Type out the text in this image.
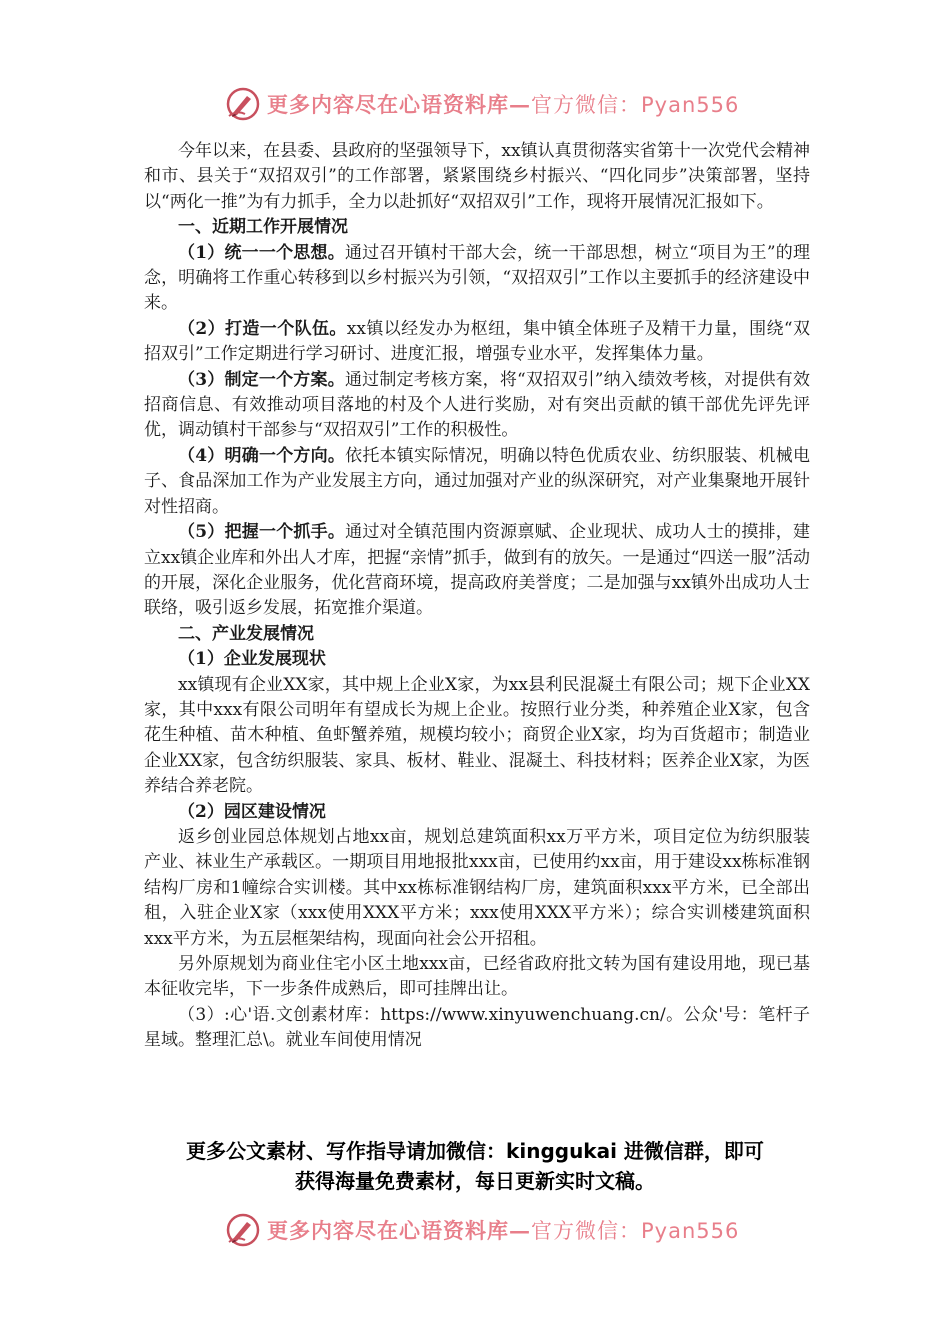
更多内容尽在心语资料库—官方微信：Pyan556

今年以来，在县委、县政府的坚强领导下，xx镇认真贯彻落实省第十一次党代会精神和市、县关于“双招双引”的工作部署，紧紧围绕乡村振兴、“四化同步”决策部署，坚持以“两化一推”为有力抓手，全力以赴抓好“双招双引”工作，现将开展情况汇报如下。

一、近期工作开展情况

（1）统一一个思想。通过召开镇村干部大会，统一干部思想，树立“项目为王”的理念，明确将工作重心转移到以乡村振兴为引领，“双招双引”工作以主要抓手的经济建设中来。

（2）打造一个队伍。xx镇以经发办为枢纽，集中镇全体班子及精干力量，围绕“双招双引”工作定期进行学习研讨、进度汇报，增强专业水平，发挥集体力量。

（3）制定一个方案。通过制定考核方案，将“双招双引”纳入绩效考核，对提供有效招商信息、有效推动项目落地的村及个人进行奖励，对有突出贡献的镇干部优先评先评优，调动镇村干部参与“双招双引”工作的积极性。

（4）明确一个方向。依托本镇实际情况，明确以特色优质农业、纺织服装、机械电子、食品深加工作为产业发展主方向，通过加强对产业的纵深研究，对产业集聚地开展针对性招商。

（5）把握一个抓手。通过对全镇范围内资源禀赋、企业现状、成功人士的摸排，建立xx镇企业库和外出人才库，把握“亲情”抓手，做到有的放矢。一是通过“四送一服”活动的开展，深化企业服务，优化营商环境，提高政府美誉度；二是加强与xx镇外出成功人士联络，吸引返乡发展，拓宽推介渠道。

二、产业发展情况

（1）企业发展现状

xx镇现有企业XX家，其中规上企业X家，为xx县利民混凝土有限公司；规下企业XX家，其中xxx有限公司明年有望成长为规上企业。按照行业分类，种养殖企业X家，包含花生种植、苗木种植、鱼虾蟹养殖，规模均较小；商贸企业X家，均为百货超市；制造业企业XX家，包含纺织服装、家具、板材、鞋业、混凝土、科技材料；医养企业X家，为医养结合养老院。

（2）园区建设情况

返乡创业园总体规划占地xx亩，规划总建筑面积xx万平方米，项目定位为纺织服装产业、袜业生产承载区。一期项目用地报批xxx亩，已使用约xx亩，用于建设xx栋标准钢结构厂房和1幢综合实训楼。其中xx栋标准钢结构厂房，建筑面积xxx平方米，已全部出租，入驻企业X家（xxx使用XXX平方米；xxx使用XXX平方米）；综合实训楼建筑面积xxx平方米，为五层框架结构，现面向社会公开招租。

另外原规划为商业住宅小区土地xxx亩，已经省政府批文转为国有建设用地，现已基本征收完毕，下一步条件成熟后，即可挂牌出让。

（3）:心'语.文创素材库：https://www.xinyuwenchuang.cn/。公众'号：笔杆子星域。整理汇总\。就业车间使用情况

更多公文素材、写作指导请加微信：kinggukai 进微信群，即可
获得海量免费素材，每日更新实时文稿。
更多内容尽在心语资料库—官方微信：Pyan556
